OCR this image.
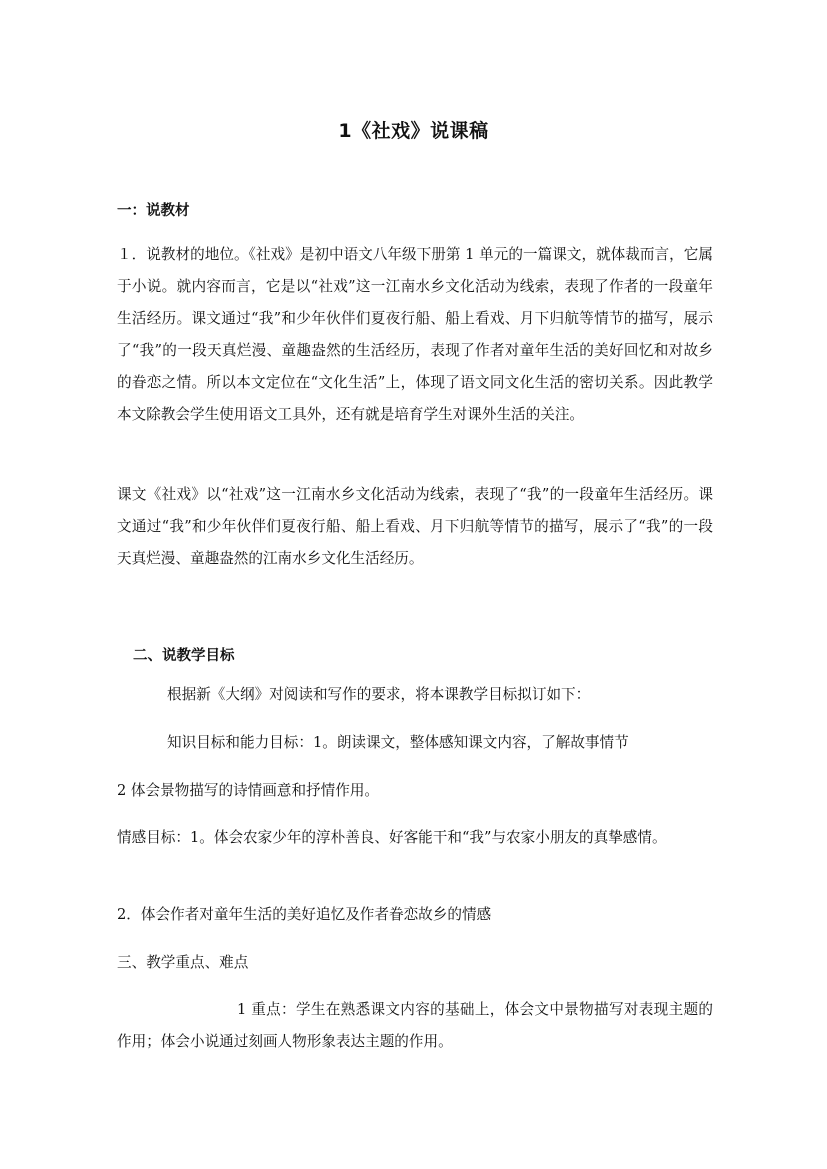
1《社戏》说课稿
一：说教材

１．说教材的地位。《社戏》是初中语文八年级下册第 1 单元的一篇课文，就体裁而言，它属于小说。就内容而言，它是以“社戏”这一江南水乡文化活动为线索，表现了作者的一段童年生活经历。课文通过“我”和少年伙伴们夏夜行船、船上看戏、月下归航等情节的描写，展示了“我”的一段天真烂漫、童趣盎然的生活经历，表现了作者对童年生活的美好回忆和对故乡的眷恋之情。所以本文定位在“文化生活”上，体现了语文同文化生活的密切关系。因此教学本文除教会学生使用语文工具外，还有就是培育学生对课外生活的关注。

课文《社戏》以“社戏”这一江南水乡文化活动为线索，表现了“我”的一段童年生活经历。课文通过“我”和少年伙伴们夏夜行船、船上看戏、月下归航等情节的描写，展示了“我”的一段天真烂漫、童趣盎然的江南水乡文化生活经历。

二、说教学目标

根据新《大纲》对阅读和写作的要求，将本课教学目标拟订如下：

知识目标和能力目标：1。朗读课文，整体感知课文内容，了解故事情节

2 体会景物描写的诗情画意和抒情作用。

情感目标：1。体会农家少年的淳朴善良、好客能干和“我”与农家小朋友的真挚感情。

2．体会作者对童年生活的美好追忆及作者眷恋故乡的情感

三、教学重点、难点

1 重点：学生在熟悉课文内容的基础上，体会文中景物描写对表现主题的作用；体会小说通过刻画人物形象表达主题的作用。
